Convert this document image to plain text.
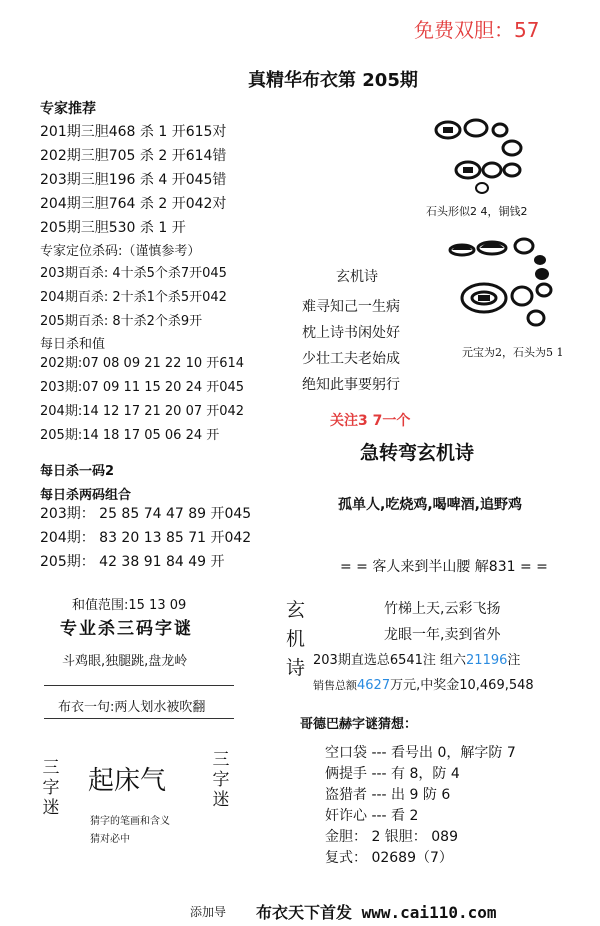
免费双胆：57
真精华布衣第 205期
专家推荐
201期三胆468 杀 1 开615对
202期三胆705 杀 2 开614错
203期三胆196 杀 4 开045错
204期三胆764 杀 2 开042对
205期三胆530 杀 1 开
专家定位杀码:（谨慎参考）
203期百杀: 4十杀5个杀7开045
204期百杀: 2十杀1个杀5开042
205期百杀: 8十杀2个杀9开
每日杀和值
202期:07 08 09 21 22 10 开614
203期:07 09 11 15 20 24 开045
204期:14 12 17 21 20 07 开042
205期:14 18 17 05 06 24 开
每日杀一码2
每日杀两码组合
203期： 25 85 74 47 89 开045
204期： 83 20 13 85 71 开042
205期： 42 38 91 84 49 开
和值范围:15 13 09
专业杀三码字谜
斗鸡眼,独腿跳,盘龙岭
布衣一句:两人划水被吹翻
三字迷
起床气
三字迷
猜字的笔画和含义
猜对必中
石头形似2 4，铜钱2
元宝为2，石头为5 1
玄机诗
难寻知己一生病
枕上诗书闲处好
少壮工夫老始成
绝知此事要躬行
关注3 7一个
急转弯玄机诗
孤单人,吃烧鸡,喝啤酒,追野鸡
= = 客人来到半山腰 解831 = =
玄
机
诗
竹梯上天,云彩飞扬
龙眼一年,卖到省外
203期直选总6541注 组六21196注
销售总额4627万元,中奖金10,469,548
哥德巴赫字谜猜想：
空口袋 --- 看号出 0，解字防 7
俩提手 --- 有 8，防 4
盗猎者 --- 出 9 防 6
奸诈心 --- 看 2
金胆： 2 银胆： 089
复式： 02689（7）
添加导 布衣天下首发 www.cai110.com
